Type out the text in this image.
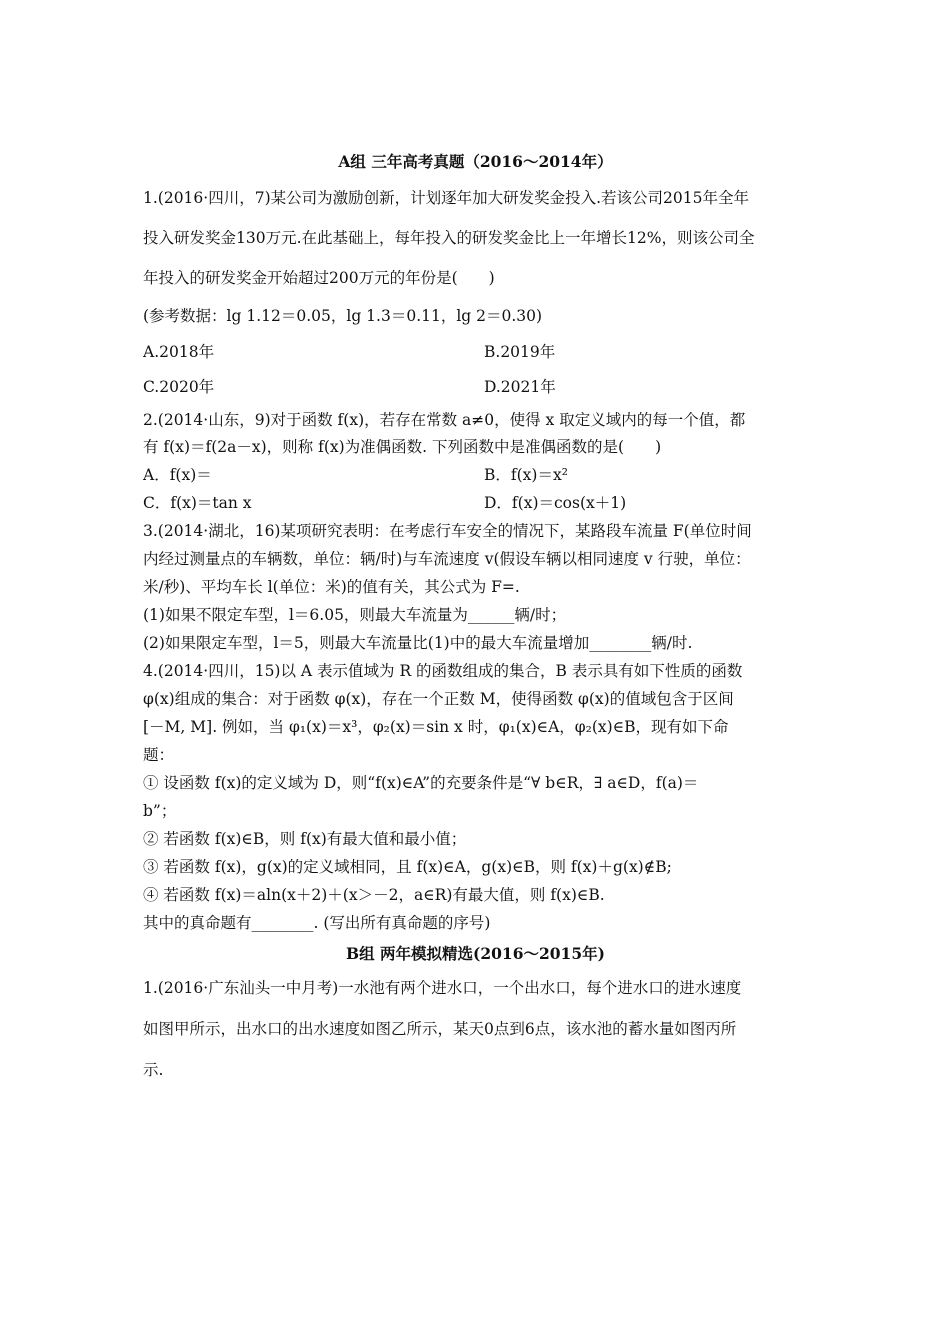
A组 三年高考真题（2016～2014年）
1.(2016·四川，7)某公司为激励创新，计划逐年加大研发奖金投入.若该公司2015年全年
投入研发奖金130万元.在此基础上，每年投入的研发奖金比上一年增长12%，则该公司全
年投入的研发奖金开始超过200万元的年份是(　　)
(参考数据：lg 1.12＝0.05，lg 1.3＝0.11，lg 2＝0.30)
A.2018年	B.2019年
C.2020年	D.2021年
2.(2014·山东，9)对于函数 f(x)，若存在常数 a≠0，使得 x 取定义域内的每一个值，都
有 f(x)＝f(2a－x)，则称 f(x)为准偶函数. 下列函数中是准偶函数的是(　　)
A．f(x)＝	B．f(x)＝x²
C．f(x)＝tan x	D．f(x)＝cos(x＋1)
3.(2014·湖北，16)某项研究表明：在考虑行车安全的情况下，某路段车流量 F(单位时间
内经过测量点的车辆数，单位：辆/时)与车流速度 v(假设车辆以相同速度 v 行驶，单位：
米/秒)、平均车长 l(单位：米)的值有关，其公式为 F=.
(1)如果不限定车型，l＝6.05，则最大车流量为______辆/时；
(2)如果限定车型，l＝5，则最大车流量比(1)中的最大车流量增加________辆/时.
4.(2014·四川，15)以 A 表示值域为 R 的函数组成的集合，B 表示具有如下性质的函数
φ(x)组成的集合：对于函数 φ(x)，存在一个正数 M，使得函数 φ(x)的值域包含于区间
[－M, M]. 例如，当 φ₁(x)＝x³，φ₂(x)＝sin x 时，φ₁(x)∈A，φ₂(x)∈B，现有如下命
题：
① 设函数 f(x)的定义域为 D，则“f(x)∈A”的充要条件是“∀ b∈R，∃ a∈D，f(a)＝
b”；
② 若函数 f(x)∈B，则 f(x)有最大值和最小值；
③ 若函数 f(x)，g(x)的定义域相同，且 f(x)∈A，g(x)∈B，则 f(x)＋g(x)∉B;
④ 若函数 f(x)＝aln(x＋2)＋(x＞－2，a∈R)有最大值，则 f(x)∈B.
其中的真命题有________. (写出所有真命题的序号)
B组 两年模拟精选(2016～2015年)
1.(2016·广东汕头一中月考)一水池有两个进水口，一个出水口，每个进水口的进水速度
如图甲所示，出水口的出水速度如图乙所示，某天0点到6点，该水池的蓄水量如图丙所
示.
